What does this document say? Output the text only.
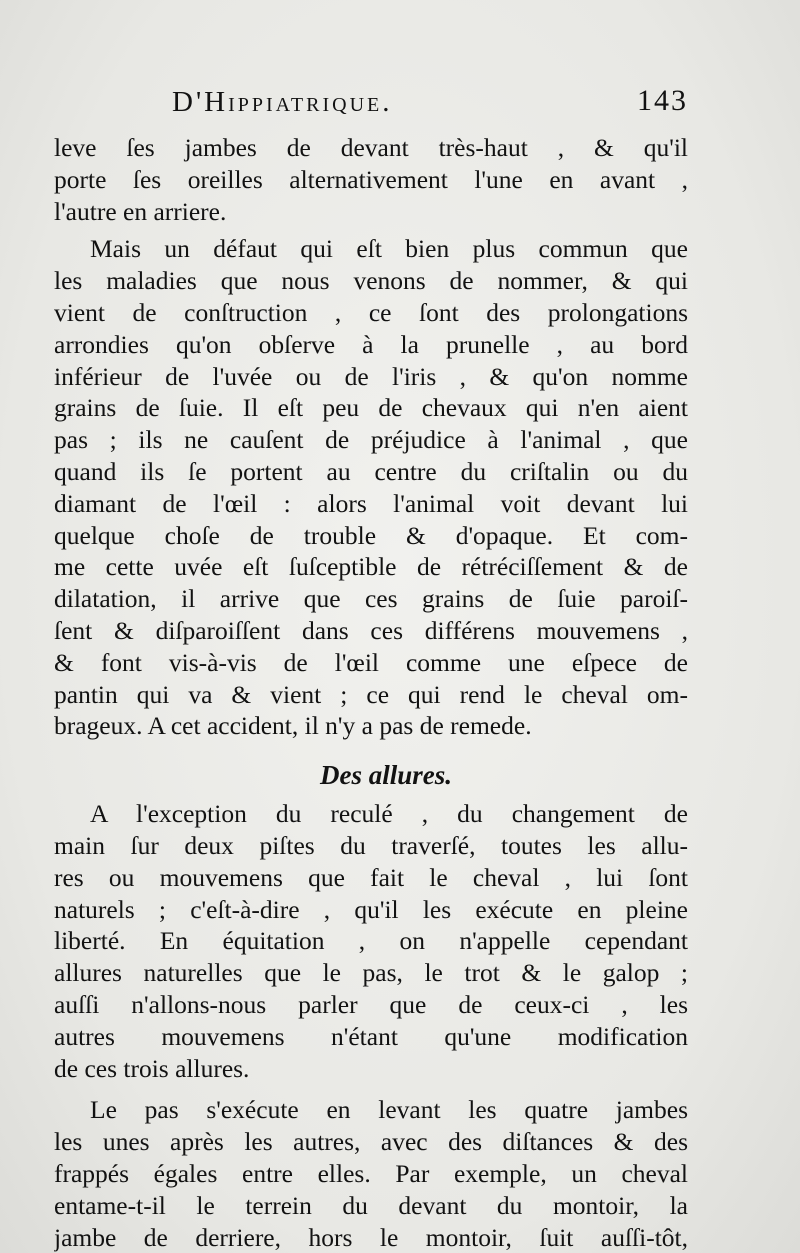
D'Hippiatrique.	143
leve ſes jambes de devant très-haut , & qu'il
porte ſes oreilles alternativement l'une en avant ,
l'autre en arriere.
Mais un défaut qui eſt bien plus commun que
les maladies que nous venons de nommer, & qui
vient de conſtruction , ce ſont des prolongations
arrondies qu'on obſerve à la prunelle , au bord
inférieur de l'uvée ou de l'iris , & qu'on nomme
grains de ſuie. Il eſt peu de chevaux qui n'en aient
pas ; ils ne cauſent de préjudice à l'animal , que
quand ils ſe portent au centre du criſtalin ou du
diamant de l'œil : alors l'animal voit devant lui
quelque choſe de trouble & d'opaque. Et com-
me cette uvée eſt ſuſceptible de rétréciſſement & de
dilatation, il arrive que ces grains de ſuie paroiſ-
ſent & diſparoiſſent dans ces différens mouvemens ,
& font vis-à-vis de l'œil comme une eſpece de
pantin qui va & vient ; ce qui rend le cheval om-
brageux. A cet accident, il n'y a pas de remede.
Des allures.
A l'exception du reculé , du changement de
main ſur deux piſtes du traverſé, toutes les allu-
res ou mouvemens que fait le cheval , lui ſont
naturels ; c'eſt-à-dire , qu'il les exécute en pleine
liberté. En équitation , on n'appelle cependant
allures naturelles que le pas, le trot & le galop ;
auſſi n'allons-nous parler que de ceux-ci , les
autres mouvemens n'étant qu'une modification
de ces trois allures.
Le pas s'exécute en levant les quatre jambes
les unes après les autres, avec des diſtances & des
frappés égales entre elles. Par exemple, un cheval
entame-t-il le terrein du devant du montoir, la
jambe de derriere, hors le montoir, ſuit auſſi-tôt,
